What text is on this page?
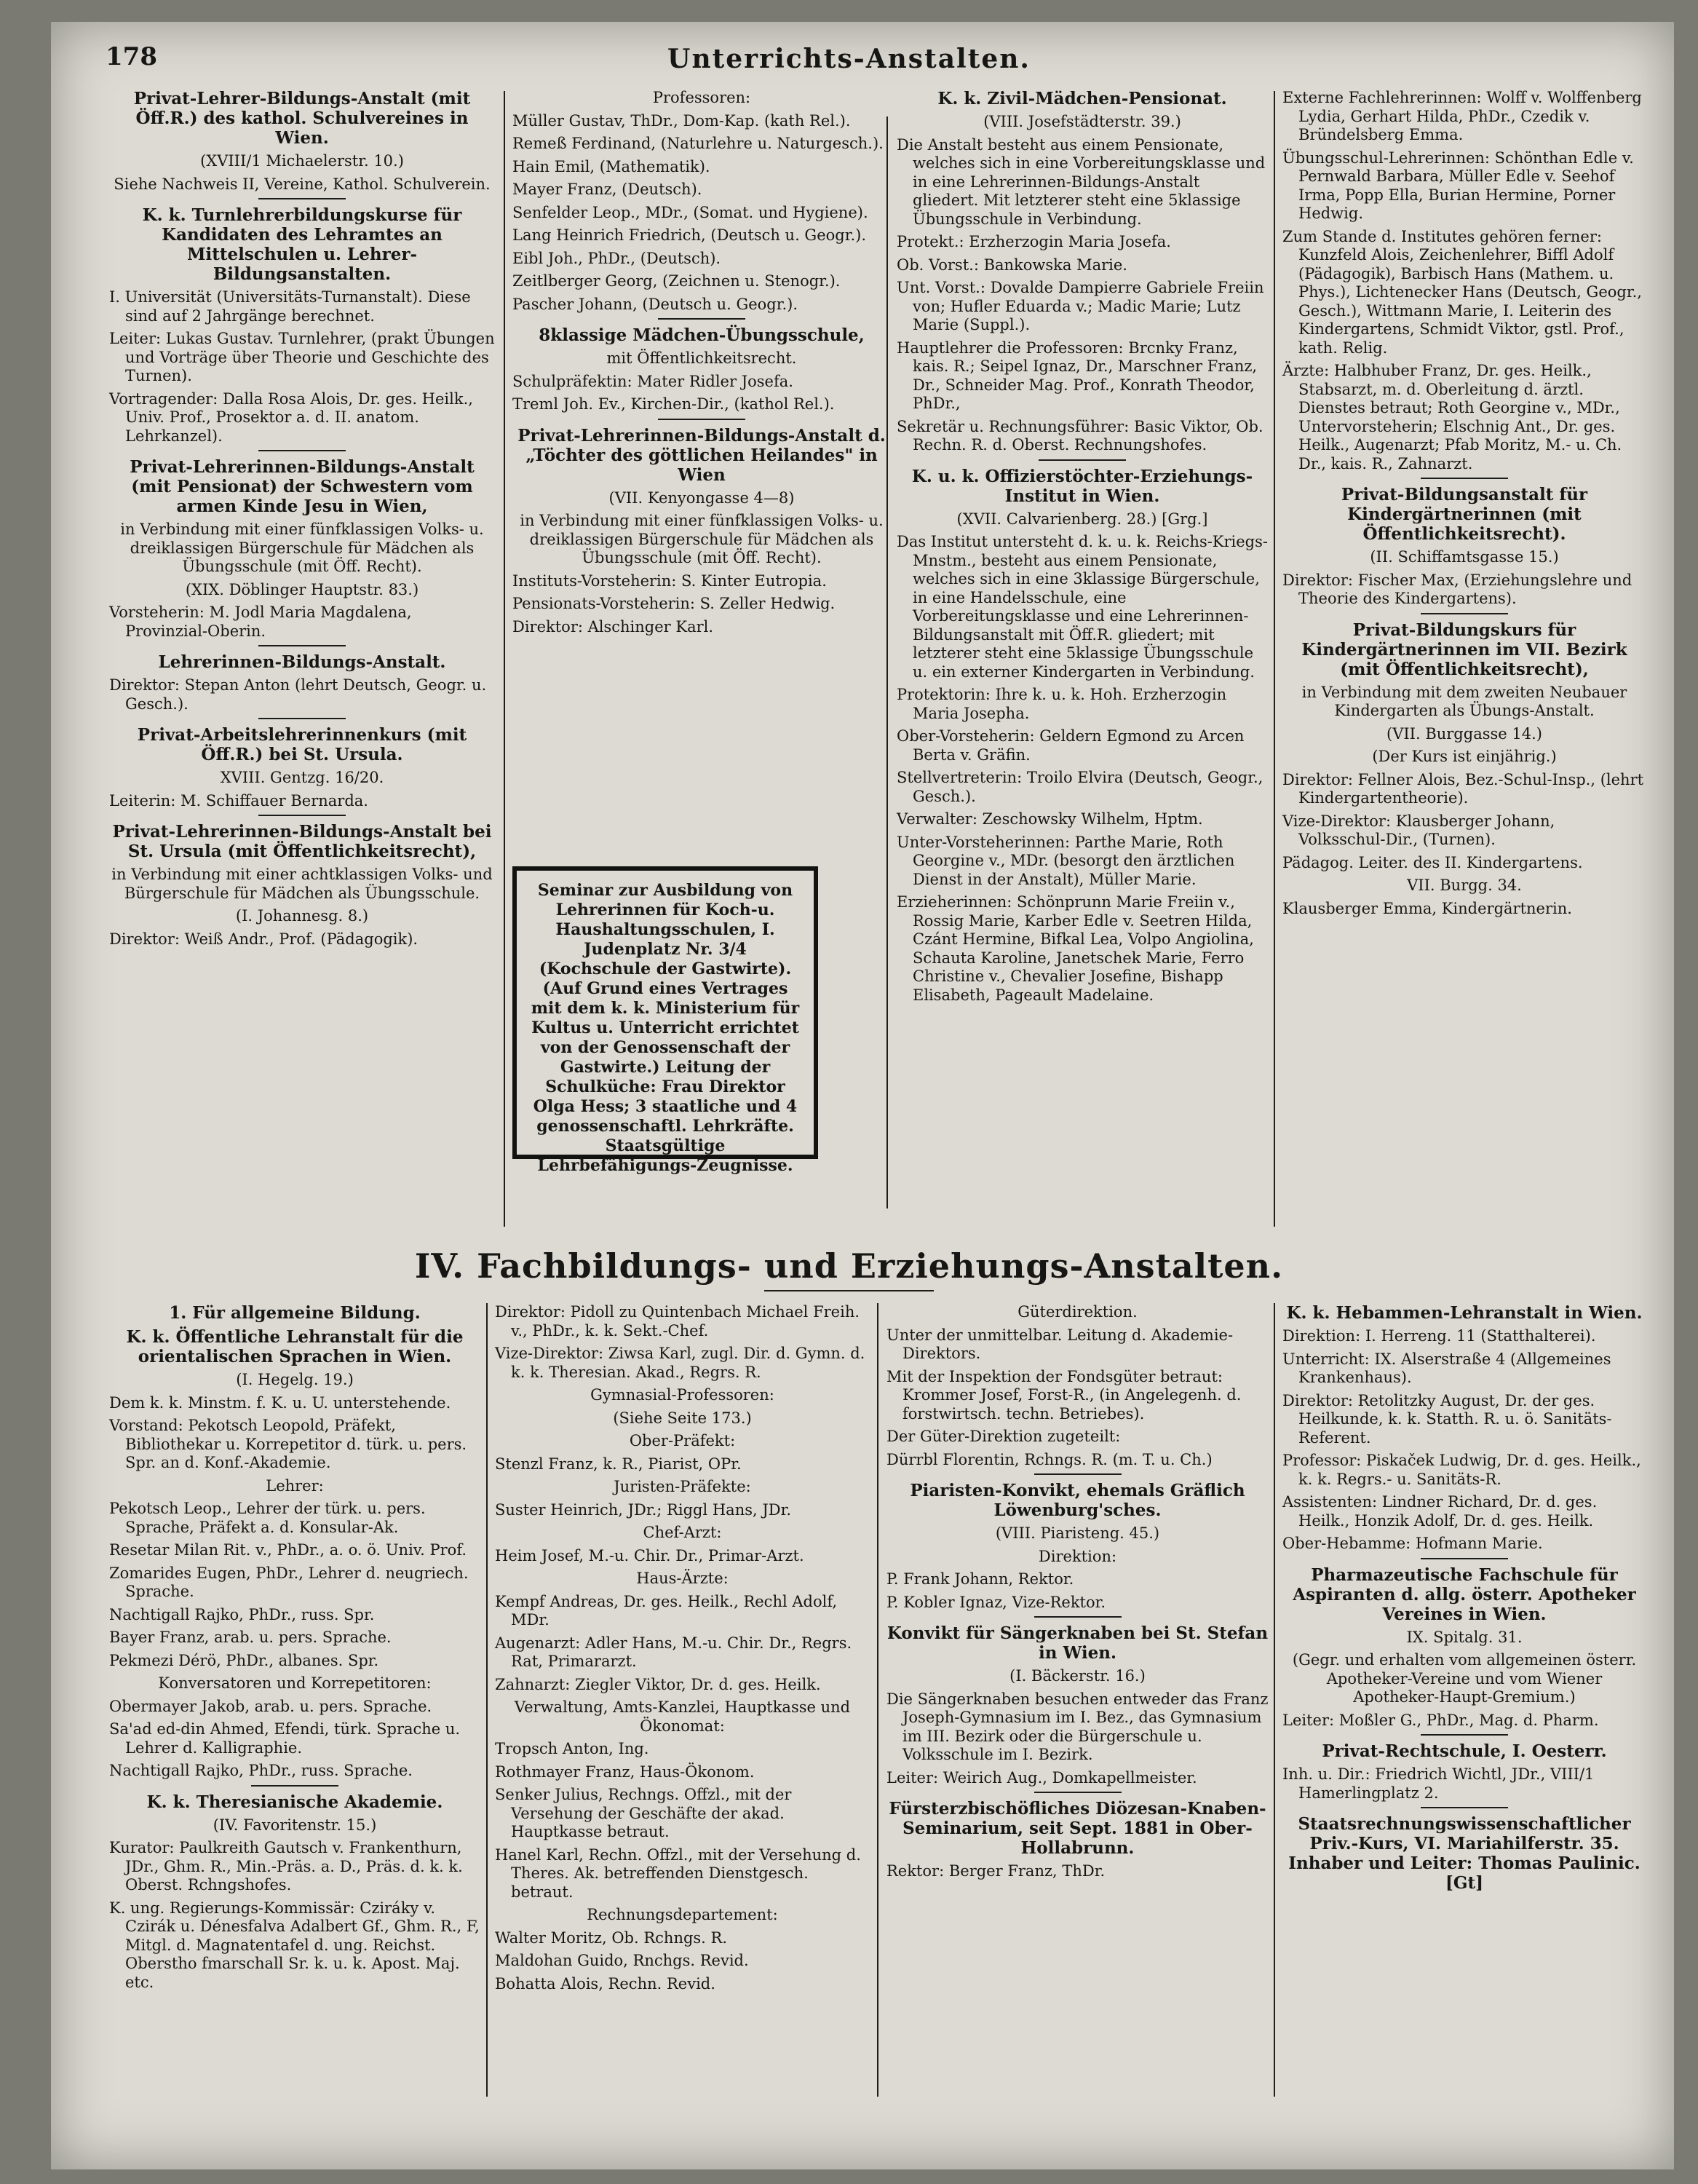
178	Unterrichts-Anstalten.

Privat-Lehrer-Bildungs-Anstalt (mit Öff.R.) des kathol. Schulvereines in Wien.

(XVIII/1 Michaelerstr. 10.)

Siehe Nachweis II, Vereine, Kathol. Schulverein.

K. k. Turnlehrerbildungskurse für Kandidaten des Lehramtes an Mittelschulen u. Lehrer-Bildungsanstalten.

I. Universität (Universitäts-Turnanstalt). Diese sind auf 2 Jahrgänge berechnet.

Leiter: Lukas Gustav. Turnlehrer, (prakt Übungen und Vorträge über Theorie und Geschichte des Turnen).

Vortragender: Dalla Rosa Alois, Dr. ges. Heilk., Univ. Prof., Prosektor a. d. II. anatom. Lehrkanzel).

Privat-Lehrerinnen-Bildungs-Anstalt (mit Pensionat) der Schwestern vom armen Kinde Jesu in Wien,

in Verbindung mit einer fünfklassigen Volks- u. dreiklassigen Bürgerschule für Mädchen als Übungsschule (mit Öff. Recht).

(XIX. Döblinger Hauptstr. 83.)

Vorsteherin: M. Jodl Maria Magdalena, Provinzial-Oberin.

Lehrerinnen-Bildungs-Anstalt.

Direktor: Stepan Anton (lehrt Deutsch, Geogr. u. Gesch.).

Privat-Arbeitslehrerinnenkurs (mit Öff.R.) bei St. Ursula.

XVIII. Gentzg. 16/20.

Leiterin: M. Schiffauer Bernarda.

Privat-Lehrerinnen-Bildungs-Anstalt bei St. Ursula (mit Öffentlichkeitsrecht),

in Verbindung mit einer achtklassigen Volks- und Bürgerschule für Mädchen als Übungsschule.

(I. Johannesg. 8.)

Direktor: Weiß Andr., Prof. (Pädagogik).

Professoren:

Müller Gustav, ThDr., Dom-Kap. (kath Rel.).

Remeß Ferdinand, (Naturlehre u. Naturgesch.).

Hain Emil, (Mathematik).

Mayer Franz, (Deutsch).

Senfelder Leop., MDr., (Somat. und Hygiene).

Lang Heinrich Friedrich, (Deutsch u. Geogr.).

Eibl Joh., PhDr., (Deutsch).

Zeitlberger Georg, (Zeichnen u. Stenogr.).

Pascher Johann, (Deutsch u. Geogr.).

8klassige Mädchen-Übungsschule,

mit Öffentlichkeitsrecht.

Schulpräfektin: Mater Ridler Josefa.

Treml Joh. Ev., Kirchen-Dir., (kathol Rel.).

Privat-Lehrerinnen-Bildungs-Anstalt d. „Töchter des göttlichen Heilandes" in Wien

(VII. Kenyongasse 4—8)

in Verbindung mit einer fünfklassigen Volks- u. dreiklassigen Bürgerschule für Mädchen als Übungsschule (mit Öff. Recht).

Instituts-Vorsteherin: S. Kinter Eutropia.

Pensionats-Vorsteherin: S. Zeller Hedwig.

Direktor: Alschinger Karl.

Seminar zur Ausbildung von Lehrerinnen für Koch-u. Haushaltungsschulen, I. Judenplatz Nr. 3/4 (Kochschule der Gastwirte). (Auf Grund eines Vertrages mit dem k. k. Ministerium für Kultus u. Unterricht errichtet von der Genossenschaft der Gastwirte.) Leitung der Schulküche: Frau Direktor Olga Hess; 3 staatliche und 4 genossenschaftl. Lehrkräfte. Staatsgültige Lehrbefähigungs-Zeugnisse.

K. k. Zivil-Mädchen-Pensionat.

(VIII. Josefstädterstr. 39.)

Die Anstalt besteht aus einem Pensionate, welches sich in eine Vorbereitungsklasse und in eine Lehrerinnen-Bildungs-Anstalt gliedert. Mit letzterer steht eine 5klassige Übungsschule in Verbindung.

Protekt.: Erzherzogin Maria Josefa.

Ob. Vorst.: Bankowska Marie.

Unt. Vorst.: Dovalde Dampierre Gabriele Freiin von; Hufler Eduarda v.; Madic Marie; Lutz Marie (Suppl.).

Hauptlehrer die Professoren: Brcnky Franz, kais. R.; Seipel Ignaz, Dr., Marschner Franz, Dr., Schneider Mag. Prof., Konrath Theodor, PhDr.,

Sekretär u. Rechnungsführer: Basic Viktor, Ob. Rechn. R. d. Oberst. Rechnungshofes.

K. u. k. Offizierstöchter-Erziehungs-Institut in Wien.

(XVII. Calvarienberg. 28.) [Grg.]

Das Institut untersteht d. k. u. k. Reichs-Kriegs-Mnstm., besteht aus einem Pensionate, welches sich in eine 3klassige Bürgerschule, in eine Handelsschule, eine Vorbereitungsklasse und eine Lehrerinnen-Bildungsanstalt mit Öff.R. gliedert; mit letzterer steht eine 5klassige Übungsschule u. ein externer Kindergarten in Verbindung.

Protektorin: Ihre k. u. k. Hoh. Erzherzogin Maria Josepha.

Ober-Vorsteherin: Geldern Egmond zu Arcen Berta v. Gräfin.

Stellvertreterin: Troilo Elvira (Deutsch, Geogr., Gesch.).

Verwalter: Zeschowsky Wilhelm, Hptm.

Unter-Vorsteherinnen: Parthe Marie, Roth Georgine v., MDr. (besorgt den ärztlichen Dienst in der Anstalt), Müller Marie.

Erzieherinnen: Schönprunn Marie Freiin v., Rossig Marie, Karber Edle v. Seetren Hilda, Czánt Hermine, Bifkal Lea, Volpo Angiolina, Schauta Karoline, Janetschek Marie, Ferro Christine v., Chevalier Josefine, Bishapp Elisabeth, Pageault Madelaine.

Externe Fachlehrerinnen: Wolff v. Wolffenberg Lydia, Gerhart Hilda, PhDr., Czedik v. Bründelsberg Emma.

Übungsschul-Lehrerinnen: Schönthan Edle v. Pernwald Barbara, Müller Edle v. Seehof Irma, Popp Ella, Burian Hermine, Porner Hedwig.

Zum Stande d. Institutes gehören ferner: Kunzfeld Alois, Zeichenlehrer, Biffl Adolf (Pädagogik), Barbisch Hans (Mathem. u. Phys.), Lichtenecker Hans (Deutsch, Geogr., Gesch.), Wittmann Marie, I. Leiterin des Kindergartens, Schmidt Viktor, gstl. Prof., kath. Relig.

Ärzte: Halbhuber Franz, Dr. ges. Heilk., Stabsarzt, m. d. Oberleitung d. ärztl. Dienstes betraut; Roth Georgine v., MDr., Untervorsteherin; Elschnig Ant., Dr. ges. Heilk., Augenarzt; Pfab Moritz, M.- u. Ch. Dr., kais. R., Zahnarzt.

Privat-Bildungsanstalt für Kindergärtnerinnen (mit Öffentlichkeitsrecht).

(II. Schiffamtsgasse 15.)

Direktor: Fischer Max, (Erziehungslehre und Theorie des Kindergartens).

Privat-Bildungskurs für Kindergärtnerinnen im VII. Bezirk (mit Öffentlichkeitsrecht),

in Verbindung mit dem zweiten Neubauer Kindergarten als Übungs-Anstalt.

(VII. Burggasse 14.)

(Der Kurs ist einjährig.)

Direktor: Fellner Alois, Bez.-Schul-Insp., (lehrt Kindergartentheorie).

Vize-Direktor: Klausberger Johann, Volksschul-Dir., (Turnen).

Pädagog. Leiter. des II. Kindergartens.

VII. Burgg. 34.

Klausberger Emma, Kindergärtnerin.

IV. Fachbildungs- und Erziehungs-Anstalten.

1. Für allgemeine Bildung.

K. k. Öffentliche Lehranstalt für die orientalischen Sprachen in Wien.

(I. Hegelg. 19.)

Dem k. k. Minstm. f. K. u. U. unterstehende.

Vorstand: Pekotsch Leopold, Präfekt, Bibliothekar u. Korrepetitor d. türk. u. pers. Spr. an d. Konf.-Akademie.

Lehrer:

Pekotsch Leop., Lehrer der türk. u. pers. Sprache, Präfekt a. d. Konsular-Ak.

Resetar Milan Rit. v., PhDr., a. o. ö. Univ. Prof.

Zomarides Eugen, PhDr., Lehrer d. neugriech. Sprache.

Nachtigall Rajko, PhDr., russ. Spr.

Bayer Franz, arab. u. pers. Sprache.

Pekmezi Dérö, PhDr., albanes. Spr.

Konversatoren und Korrepetitoren:

Obermayer Jakob, arab. u. pers. Sprache.

Sa'ad ed-din Ahmed, Efendi, türk. Sprache u. Lehrer d. Kalligraphie.

Nachtigall Rajko, PhDr., russ. Sprache.

K. k. Theresianische Akademie.

(IV. Favoritenstr. 15.)

Kurator: Paulkreith Gautsch v. Frankenthurn, JDr., Ghm. R., Min.-Präs. a. D., Präs. d. k. k. Oberst. Rchngshofes.

K. ung. Regierungs-Kommissär: Cziráky v. Czirák u. Dénesfalva Adalbert Gf., Ghm. R., F, Mitgl. d. Magnatentafel d. ung. Reichst. Oberstho fmarschall Sr. k. u. k. Apost. Maj. etc.

Direktor: Pidoll zu Quintenbach Michael Freih. v., PhDr., k. k. Sekt.-Chef.

Vize-Direktor: Ziwsa Karl, zugl. Dir. d. Gymn. d. k. k. Theresian. Akad., Regrs. R.

Gymnasial-Professoren:

(Siehe Seite 173.)

Ober-Präfekt:

Stenzl Franz, k. R., Piarist, OPr.

Juristen-Präfekte:

Suster Heinrich, JDr.; Riggl Hans, JDr.

Chef-Arzt:

Heim Josef, M.-u. Chir. Dr., Primar-Arzt.

Haus-Ärzte:

Kempf Andreas, Dr. ges. Heilk., Rechl Adolf, MDr.

Augenarzt: Adler Hans, M.-u. Chir. Dr., Regrs. Rat, Primararzt.

Zahnarzt: Ziegler Viktor, Dr. d. ges. Heilk.

Verwaltung, Amts-Kanzlei, Hauptkasse und Ökonomat:

Tropsch Anton, Ing.

Rothmayer Franz, Haus-Ökonom.

Senker Julius, Rechngs. Offzl., mit der Versehung der Geschäfte der akad. Hauptkasse betraut.

Hanel Karl, Rechn. Offzl., mit der Versehung d. Theres. Ak. betreffenden Dienstgesch. betraut.

Rechnungsdepartement:

Walter Moritz, Ob. Rchngs. R.

Maldohan Guido, Rnchgs. Revid.

Bohatta Alois, Rechn. Revid.

Güterdirektion.

Unter der unmittelbar. Leitung d. Akademie-Direktors.

Mit der Inspektion der Fondsgüter betraut: Krommer Josef, Forst-R., (in Angelegenh. d. forstwirtsch. techn. Betriebes).

Der Güter-Direktion zugeteilt:

Dürrbl Florentin, Rchngs. R. (m. T. u. Ch.)

Piaristen-Konvikt, ehemals Gräflich Löwenburg'sches.

(VIII. Piaristeng. 45.)

Direktion:

P. Frank Johann, Rektor.

P. Kobler Ignaz, Vize-Rektor.

Konvikt für Sängerknaben bei St. Stefan in Wien.

(I. Bäckerstr. 16.)

Die Sängerknaben besuchen entweder das Franz Joseph-Gymnasium im I. Bez., das Gymnasium im III. Bezirk oder die Bürgerschule u. Volksschule im I. Bezirk.

Leiter: Weirich Aug., Domkapellmeister.

Fürsterzbischöfliches Diözesan-Knaben-Seminarium, seit Sept. 1881 in Ober-Hollabrunn.

Rektor: Berger Franz, ThDr.

K. k. Hebammen-Lehranstalt in Wien.

Direktion: I. Herreng. 11 (Statthalterei).

Unterricht: IX. Alserstraße 4 (Allgemeines Krankenhaus).

Direktor: Retolitzky August, Dr. der ges. Heilkunde, k. k. Statth. R. u. ö. Sanitäts-Referent.

Professor: Piskaček Ludwig, Dr. d. ges. Heilk., k. k. Regrs.- u. Sanitäts-R.

Assistenten: Lindner Richard, Dr. d. ges. Heilk., Honzik Adolf, Dr. d. ges. Heilk.

Ober-Hebamme: Hofmann Marie.

Pharmazeutische Fachschule für Aspiranten d. allg. österr. Apotheker Vereines in Wien.

IX. Spitalg. 31.

(Gegr. und erhalten vom allgemeinen österr. Apotheker-Vereine und vom Wiener Apotheker-Haupt-Gremium.)

Leiter: Moßler G., PhDr., Mag. d. Pharm.

Privat-Rechtschule, I. Oesterr.

Inh. u. Dir.: Friedrich Wichtl, JDr., VIII/1 Hamerlingplatz 2.

Staatsrechnungswissenschaftlicher Priv.-Kurs, VI. Mariahilferstr. 35. Inhaber und Leiter: Thomas Paulinic. [Gt]
